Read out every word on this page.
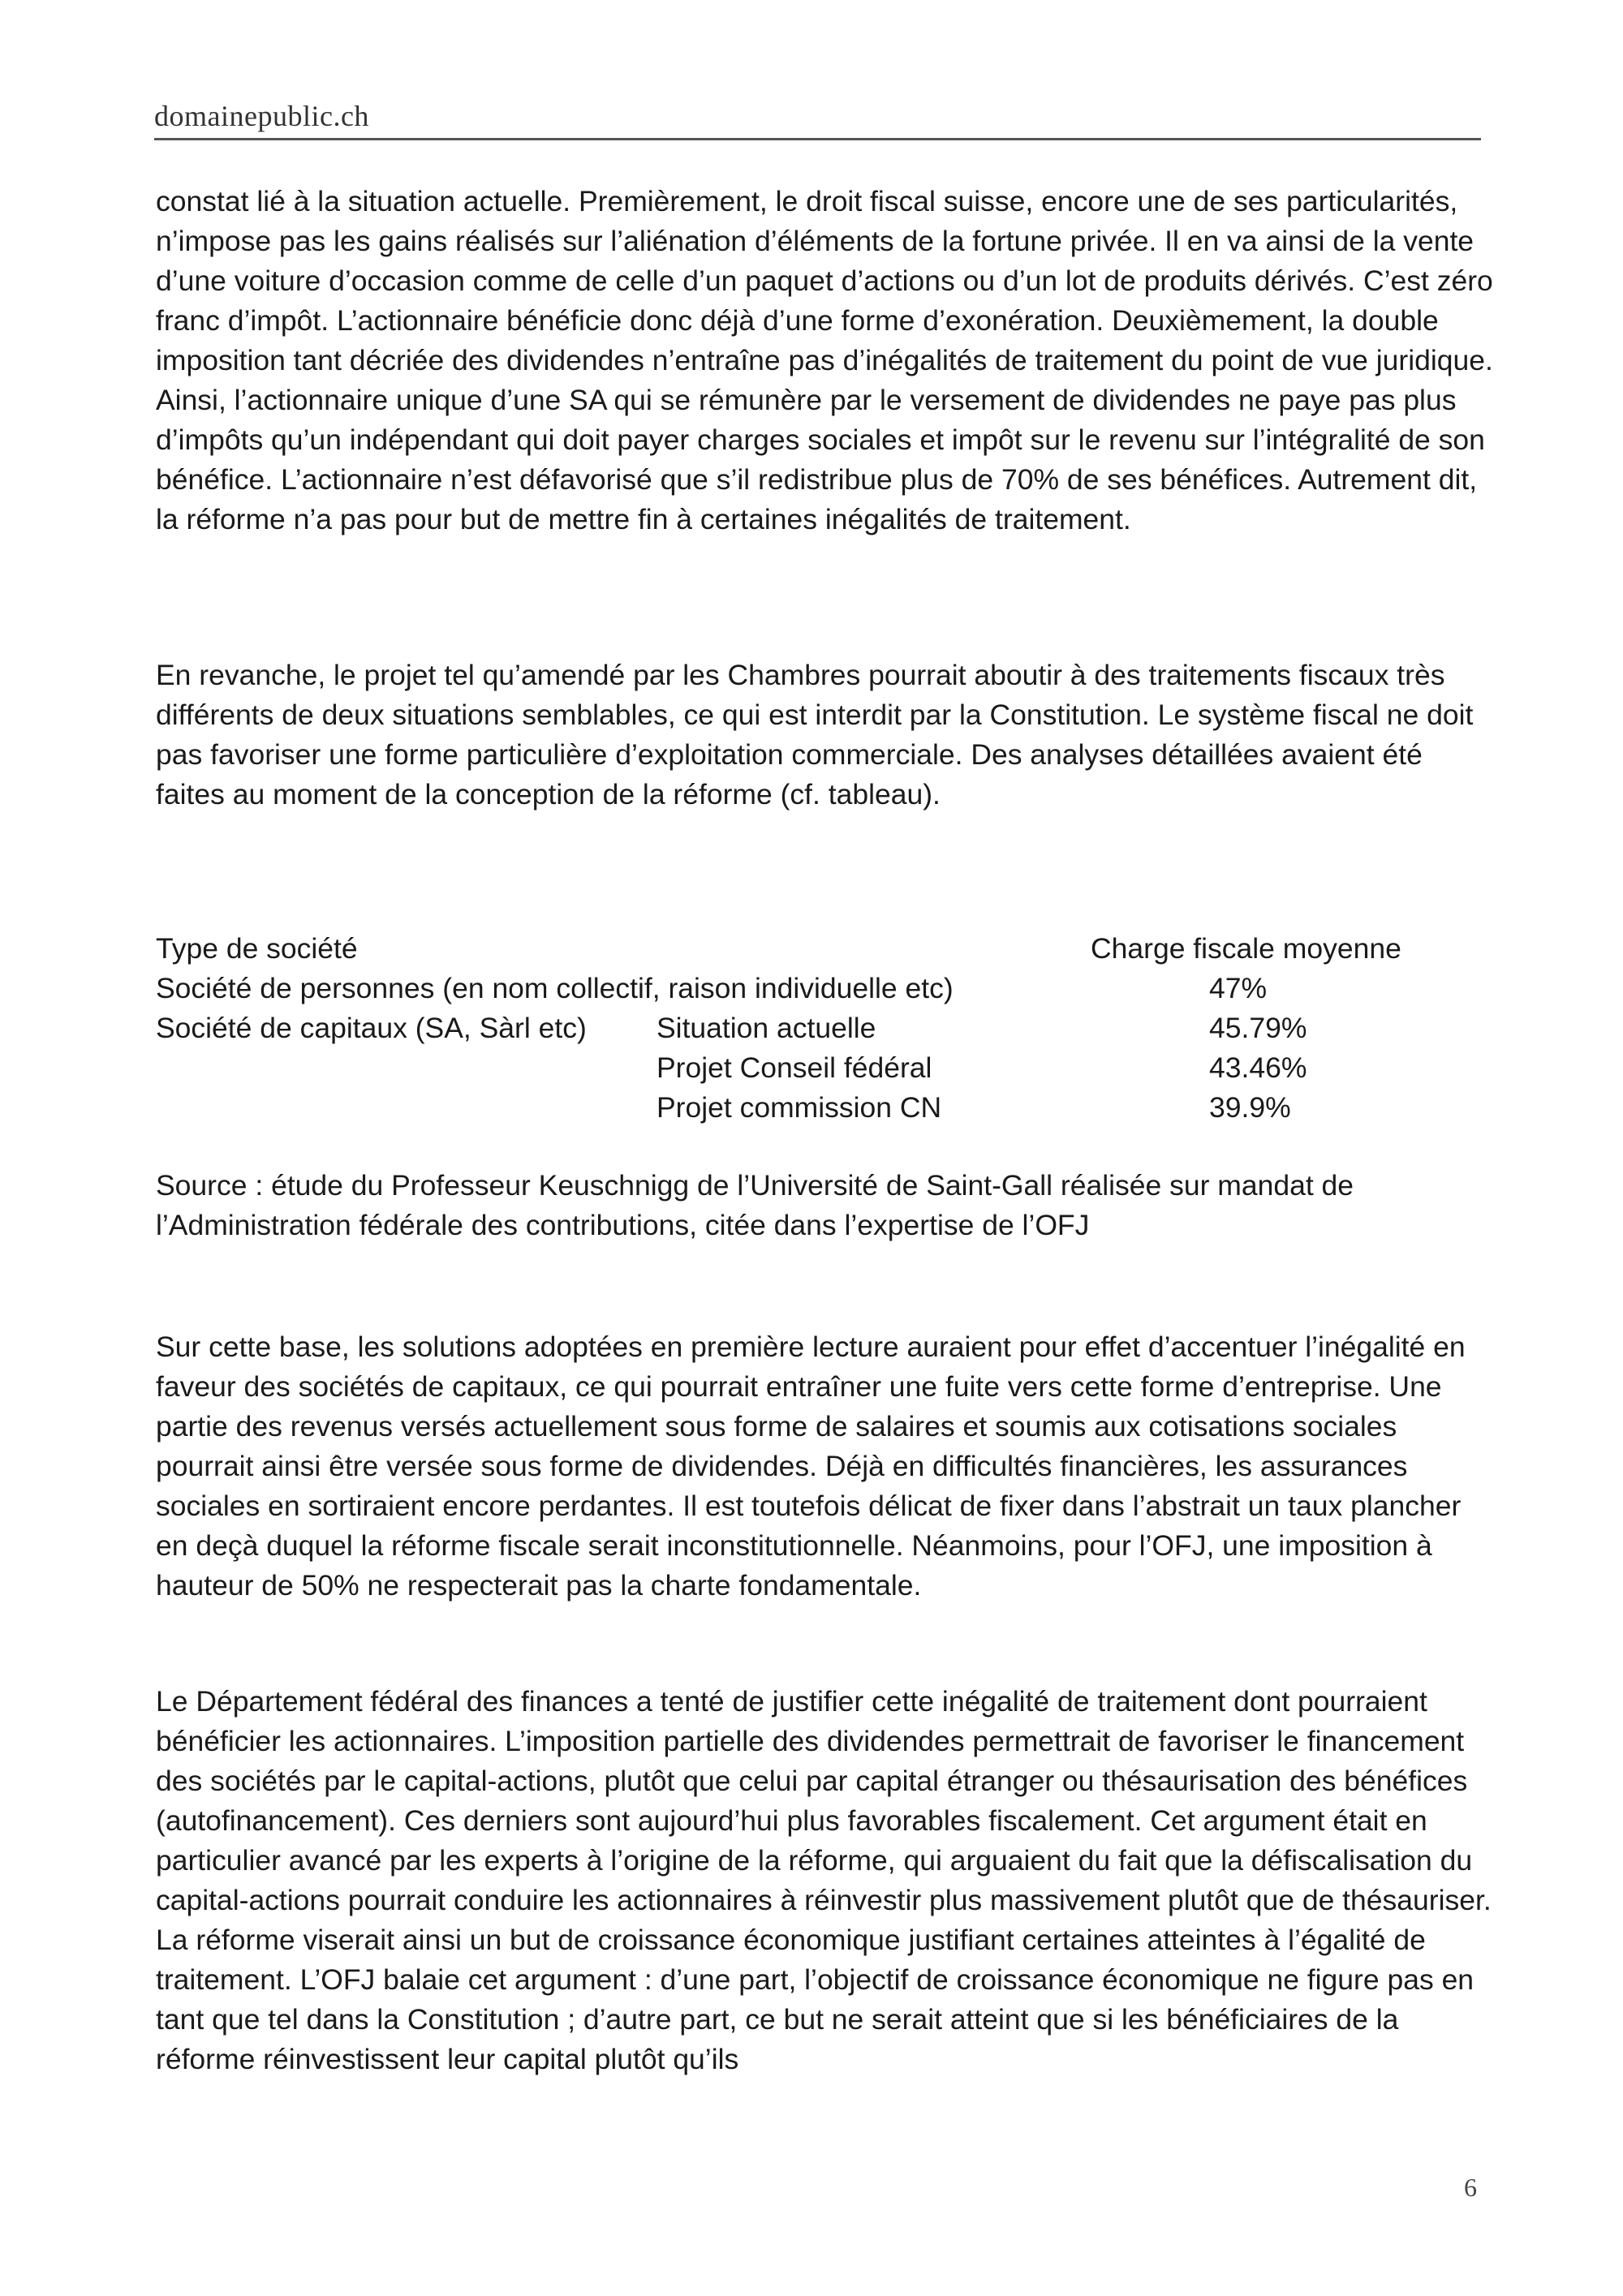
domainepublic.ch

constat lié à la situation actuelle. Premièrement, le droit fiscal suisse, encore une de ses particularités, n’impose pas les gains réalisés sur l’aliénation d’éléments de la fortune privée. Il en va ainsi de la vente d’une voiture d’occasion comme de celle d’un paquet d’actions ou d’un lot de produits dérivés. C’est zéro franc d’impôt. L’actionnaire bénéficie donc déjà d’une forme d’exonération. Deuxièmement, la double imposition tant décriée des dividendes n’entraîne pas d’inégalités de traitement du point de vue juridique. Ainsi, l’actionnaire unique d’une SA qui se rémunère par le versement de dividendes ne paye pas plus d’impôts qu’un indépendant qui doit payer charges sociales et impôt sur le revenu sur l’intégralité de son bénéfice. L’actionnaire n’est défavorisé que s’il redistribue plus de 70% de ses bénéfices. Autrement dit, la réforme n’a pas pour but de mettre fin à certaines inégalités de traitement.

En revanche, le projet tel qu’amendé par les Chambres pourrait aboutir à des traitements fiscaux très différents de deux situations semblables, ce qui est interdit par la Constitution. Le système fiscal ne doit pas favoriser une forme particulière d’exploitation commerciale. Des analyses détaillées avaient été faites au moment de la conception de la réforme (cf. tableau).

Type de société	Charge fiscale moyenne
Société de personnes (en nom collectif, raison individuelle etc)	47%
Société de capitaux (SA, Sàrl etc) Situation actuelle	45.79%
Projet Conseil fédéral	43.46%
Projet commission CN	39.9%

Source : étude du Professeur Keuschnigg de l’Université de Saint-Gall réalisée sur mandat de l’Administration fédérale des contributions, citée dans l’expertise de l’OFJ

Sur cette base, les solutions adoptées en première lecture auraient pour effet d’accentuer l’inégalité en faveur des sociétés de capitaux, ce qui pourrait entraîner une fuite vers cette forme d’entreprise. Une partie des revenus versés actuellement sous forme de salaires et soumis aux cotisations sociales pourrait ainsi être versée sous forme de dividendes. Déjà en difficultés financières, les assurances sociales en sortiraient encore perdantes. Il est toutefois délicat de fixer dans l’abstrait un taux plancher en deçà duquel la réforme fiscale serait inconstitutionnelle. Néanmoins, pour l’OFJ, une imposition à hauteur de 50% ne respecterait pas la charte fondamentale.

Le Département fédéral des finances a tenté de justifier cette inégalité de traitement dont pourraient bénéficier les actionnaires. L’imposition partielle des dividendes permettrait de favoriser le financement des sociétés par le capital-actions, plutôt que celui par capital étranger ou thésaurisation des bénéfices (autofinancement). Ces derniers sont aujourd’hui plus favorables fiscalement. Cet argument était en particulier avancé par les experts à l’origine de la réforme, qui arguaient du fait que la défiscalisation du capital-actions pourrait conduire les actionnaires à réinvestir plus massivement plutôt que de thésauriser. La réforme viserait ainsi un but de croissance économique justifiant certaines atteintes à l’égalité de traitement. L’OFJ balaie cet argument : d’une part, l’objectif de croissance économique ne figure pas en tant que tel dans la Constitution ; d’autre part, ce but ne serait atteint que si les bénéficiaires de la réforme réinvestissent leur capital plutôt qu’ils

6
